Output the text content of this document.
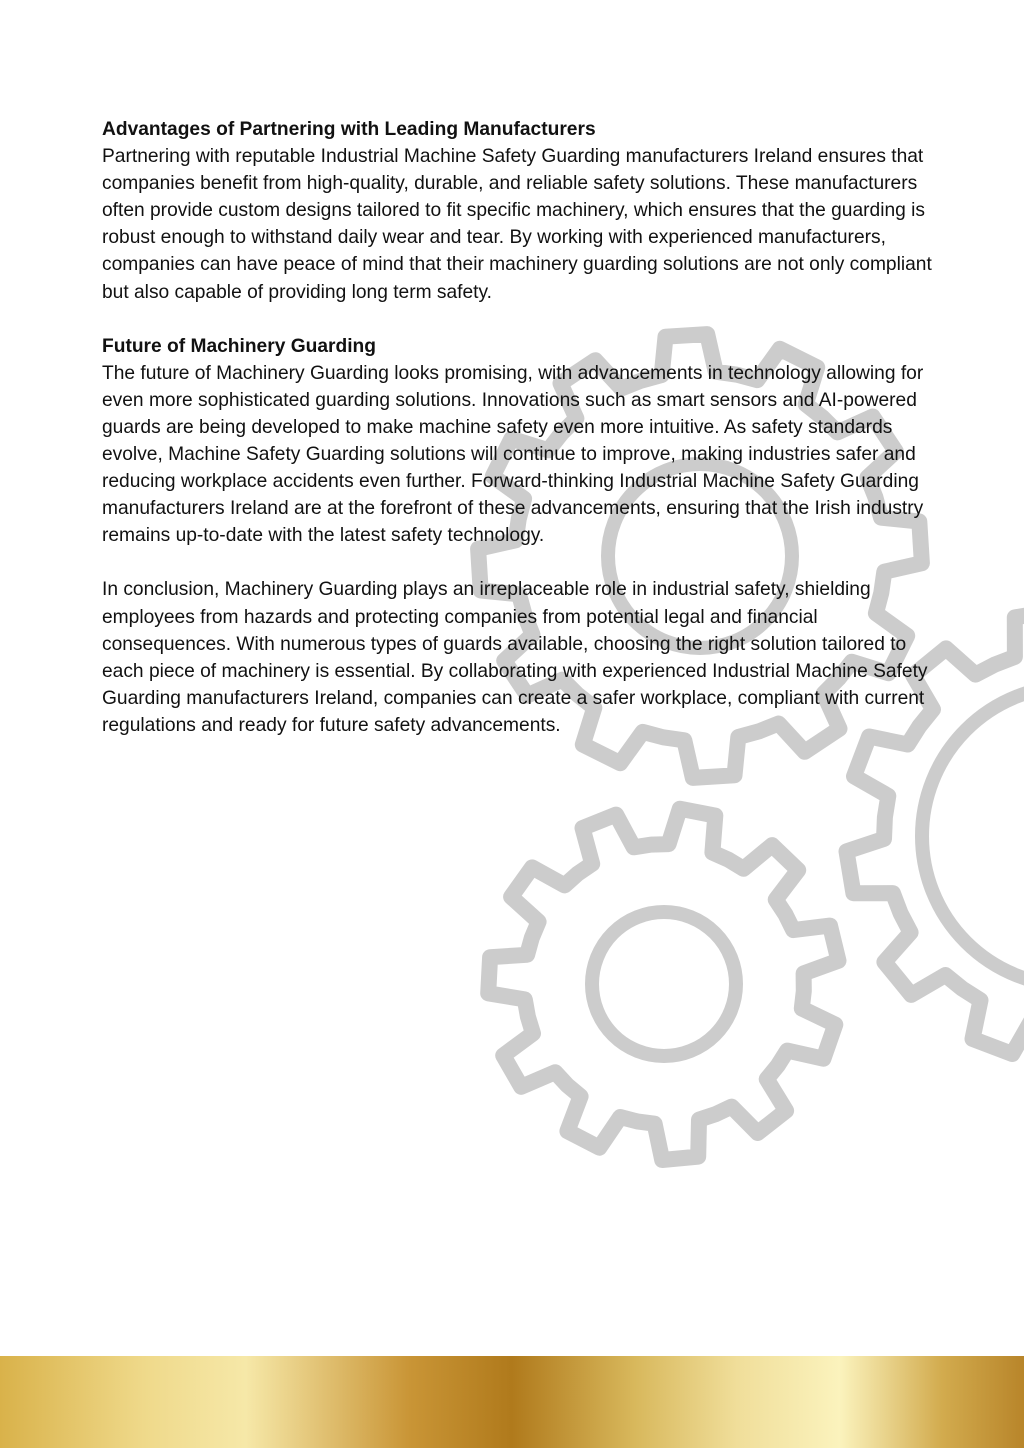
Advantages of Partnering with Leading Manufacturers

Partnering with reputable Industrial Machine Safety Guarding manufacturers Ireland ensures that companies benefit from high-quality, durable, and reliable safety solutions. These manufacturers often provide custom designs tailored to fit specific machinery, which ensures that the guarding is robust enough to withstand daily wear and tear. By working with experienced manufacturers, companies can have peace of mind that their machinery guarding solutions are not only compliant but also capable of providing long term safety.

Future of Machinery Guarding

The future of Machinery Guarding looks promising, with advancements in technology allowing for even more sophisticated guarding solutions. Innovations such as smart sensors and AI-powered guards are being developed to make machine safety even more intuitive. As safety standards evolve, Machine Safety Guarding solutions will continue to improve, making industries safer and reducing workplace accidents even further. Forward-thinking Industrial Machine Safety Guarding manufacturers Ireland are at the forefront of these advancements, ensuring that the Irish industry remains up-to-date with the latest safety technology.

In conclusion, Machinery Guarding plays an irreplaceable role in industrial safety, shielding employees from hazards and protecting companies from potential legal and financial consequences. With numerous types of guards available, choosing the right solution tailored to each piece of machinery is essential. By collaborating with experienced Industrial Machine Safety Guarding manufacturers Ireland, companies can create a safer workplace, compliant with current regulations and ready for future safety advancements.
